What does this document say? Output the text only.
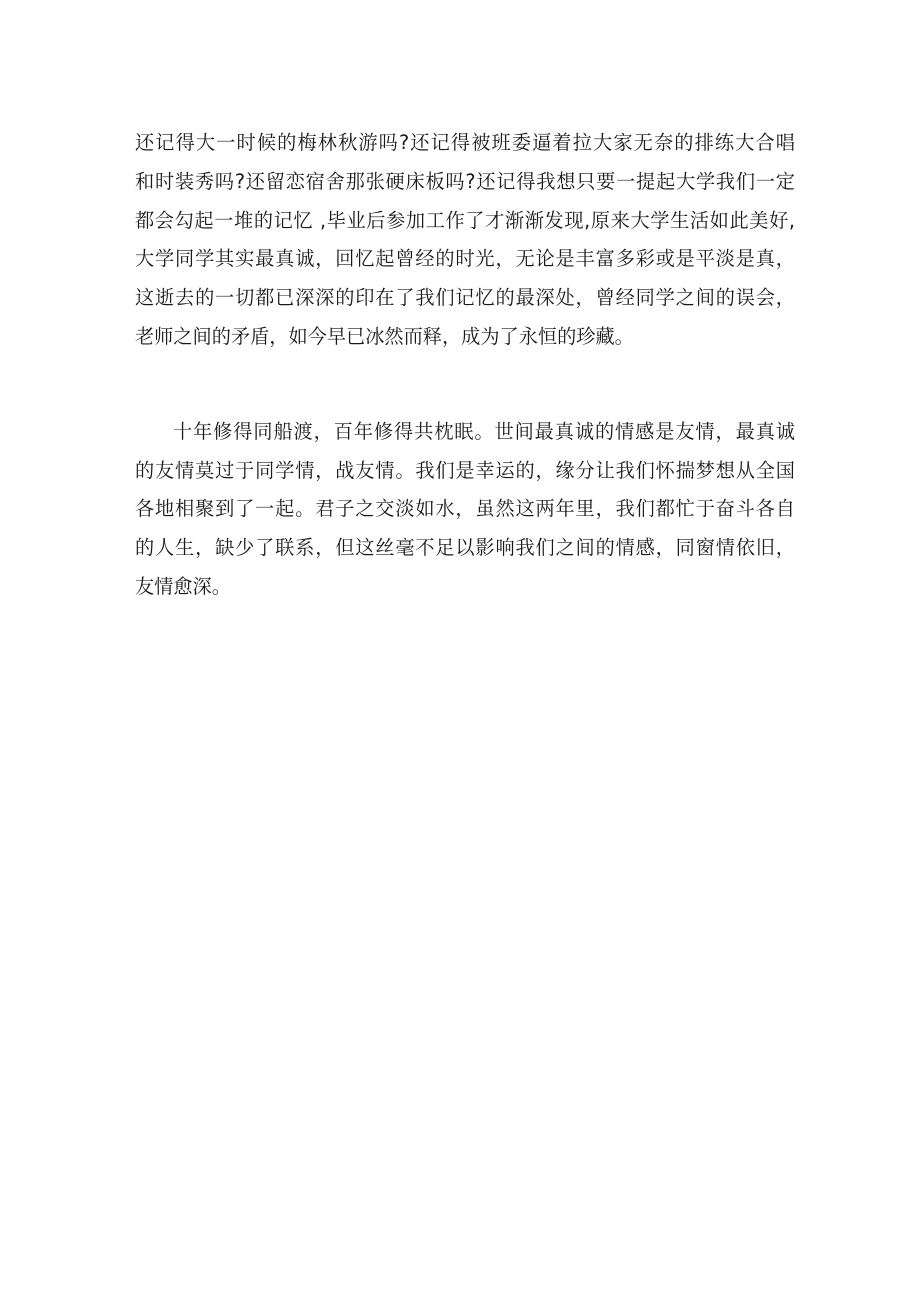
还记得大一时候的梅林秋游吗?还记得被班委逼着拉大家无奈的排练大合唱
和时装秀吗?还留恋宿舍那张硬床板吗?还记得我想只要一提起大学我们一定
都会勾起一堆的记忆 ,毕业后参加工作了才渐渐发现,原来大学生活如此美好,
大学同学其实最真诚，回忆起曾经的时光，无论是丰富多彩或是平淡是真，
这逝去的一切都已深深的印在了我们记忆的最深处，曾经同学之间的误会，
老师之间的矛盾，如今早已冰然而释，成为了永恒的珍藏。

十年修得同船渡，百年修得共枕眠。世间最真诚的情感是友情，最真诚
的友情莫过于同学情，战友情。我们是幸运的，缘分让我们怀揣梦想从全国
各地相聚到了一起。君子之交淡如水，虽然这两年里，我们都忙于奋斗各自
的人生，缺少了联系，但这丝毫不足以影响我们之间的情感，同窗情依旧，
友情愈深。
